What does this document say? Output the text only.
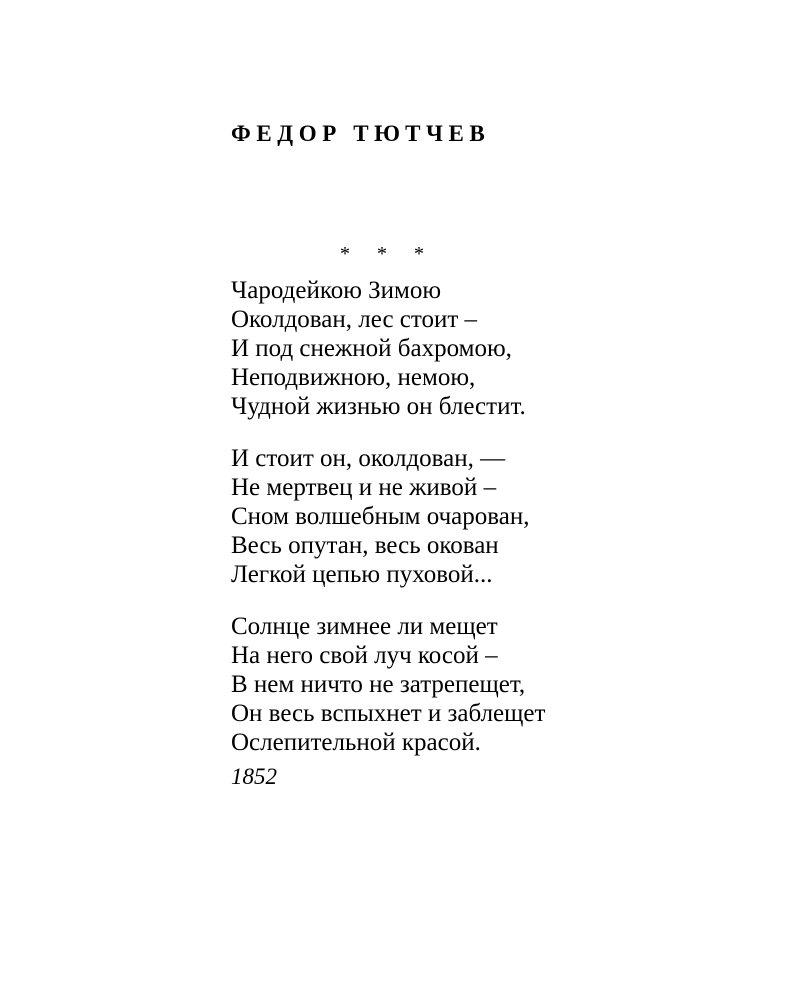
ФЕДОР ТЮТЧЕВ
* * *
Чародейкою Зимою
Околдован, лес стоит –
И под снежной бахромою,
Неподвижною, немою,
Чудной жизнью он блестит.
И стоит он, околдован, —
Не мертвец и не живой –
Сном волшебным очарован,
Весь опутан, весь окован
Легкой цепью пуховой...
Солнце зимнее ли мещет
На него свой луч косой –
В нем ничто не затрепещет,
Он весь вспыхнет и заблещет
Ослепительной красой.
1852
